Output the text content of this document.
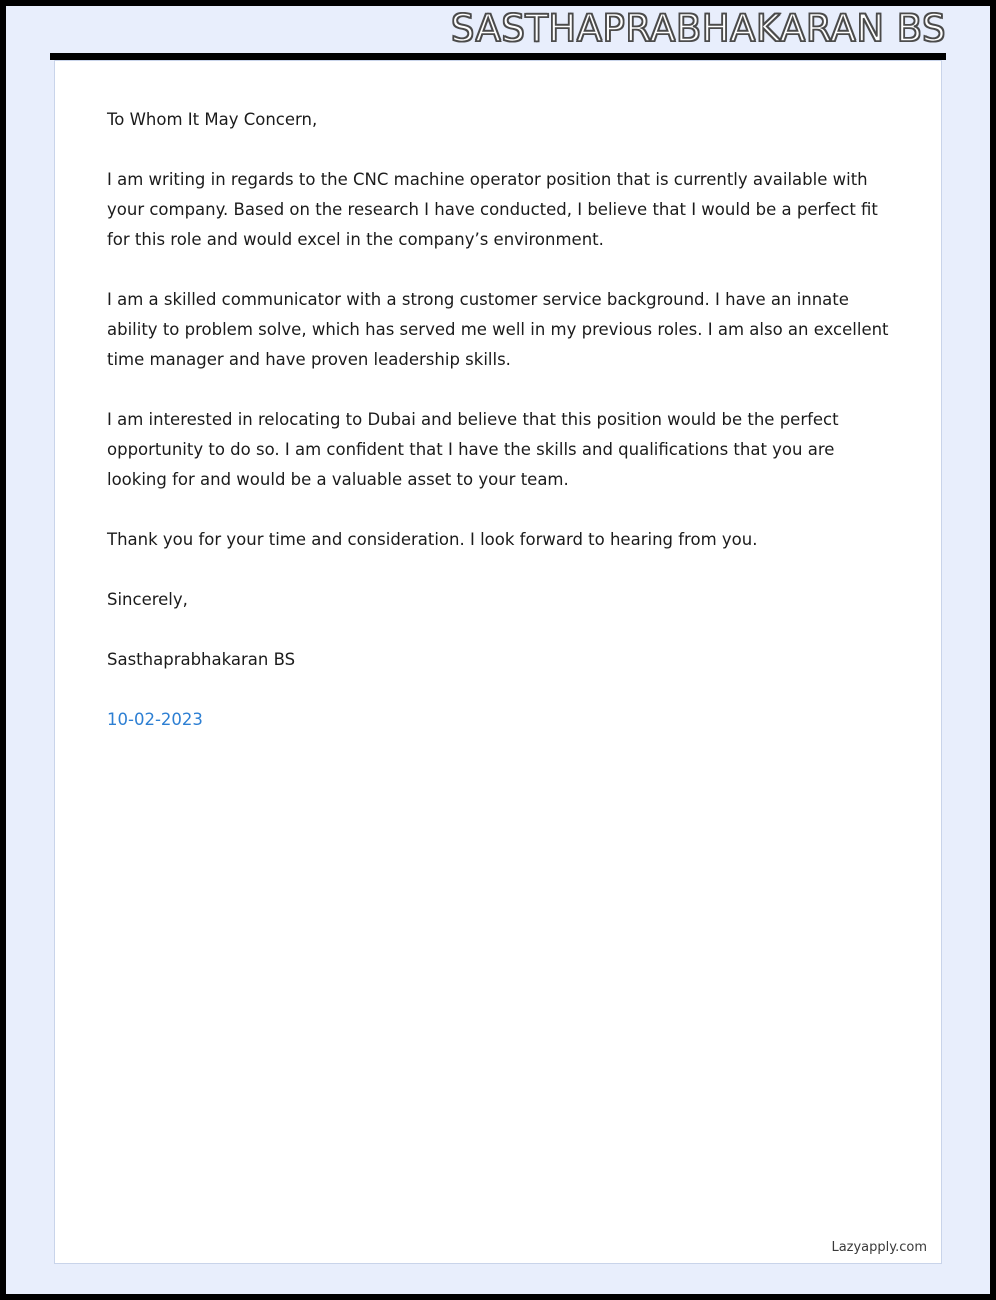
SASTHAPRABHAKARAN BS

To Whom It May Concern,

I am writing in regards to the CNC machine operator position that is currently available with your company. Based on the research I have conducted, I believe that I would be a perfect fit for this role and would excel in the company’s environment.

I am a skilled communicator with a strong customer service background. I have an innate ability to problem solve, which has served me well in my previous roles. I am also an excellent time manager and have proven leadership skills.

I am interested in relocating to Dubai and believe that this position would be the perfect opportunity to do so. I am confident that I have the skills and qualifications that you are looking for and would be a valuable asset to your team.

Thank you for your time and consideration. I look forward to hearing from you.

Sincerely,

Sasthaprabhakaran BS

10-02-2023

Lazyapply.com
